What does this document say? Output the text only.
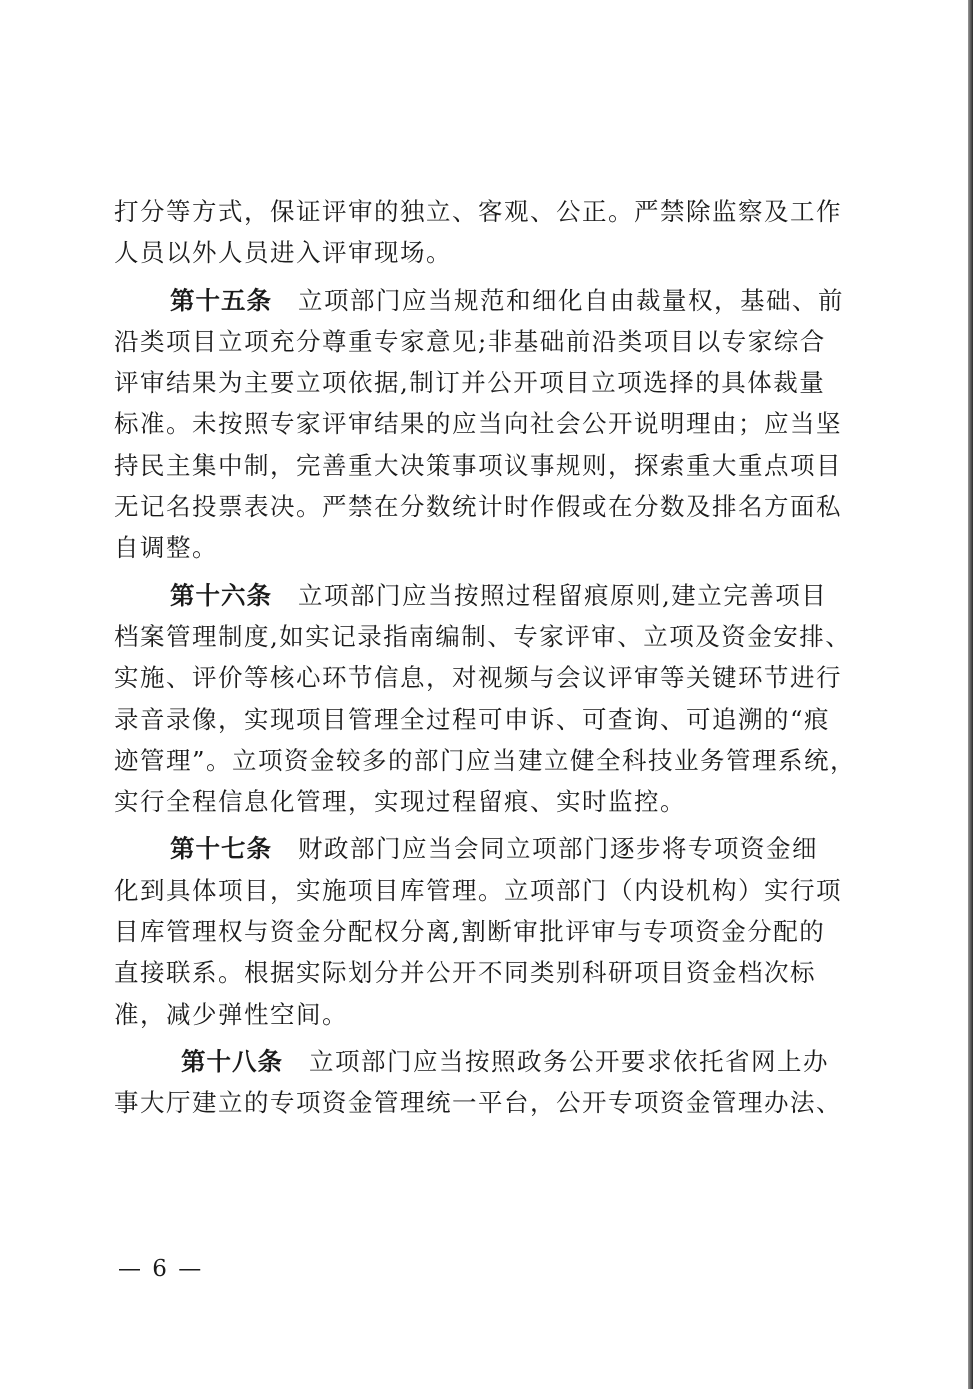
打分等方式，保证评审的独立、客观、公正。严禁除监察及工作
人员以外人员进入评审现场。
第十五条 立项部门应当规范和细化自由裁量权，基础、前
沿类项目立项充分尊重专家意见;非基础前沿类项目以专家综合
评审结果为主要立项依据,制订并公开项目立项选择的具体裁量
标准。未按照专家评审结果的应当向社会公开说明理由；应当坚
持民主集中制，完善重大决策事项议事规则，探索重大重点项目
无记名投票表决。严禁在分数统计时作假或在分数及排名方面私
自调整。
第十六条 立项部门应当按照过程留痕原则,建立完善项目
档案管理制度,如实记录指南编制、专家评审、立项及资金安排、
实施、评价等核心环节信息，对视频与会议评审等关键环节进行
录音录像，实现项目管理全过程可申诉、可查询、可追溯的“痕
迹管理”。立项资金较多的部门应当建立健全科技业务管理系统，
实行全程信息化管理，实现过程留痕、实时监控。
第十七条 财政部门应当会同立项部门逐步将专项资金细
化到具体项目，实施项目库管理。立项部门（内设机构）实行项
目库管理权与资金分配权分离,割断审批评审与专项资金分配的
直接联系。根据实际划分并公开不同类别科研项目资金档次标
准，减少弹性空间。
第十八条 立项部门应当按照政务公开要求依托省网上办
事大厅建立的专项资金管理统一平台，公开专项资金管理办法、
— 6 —
